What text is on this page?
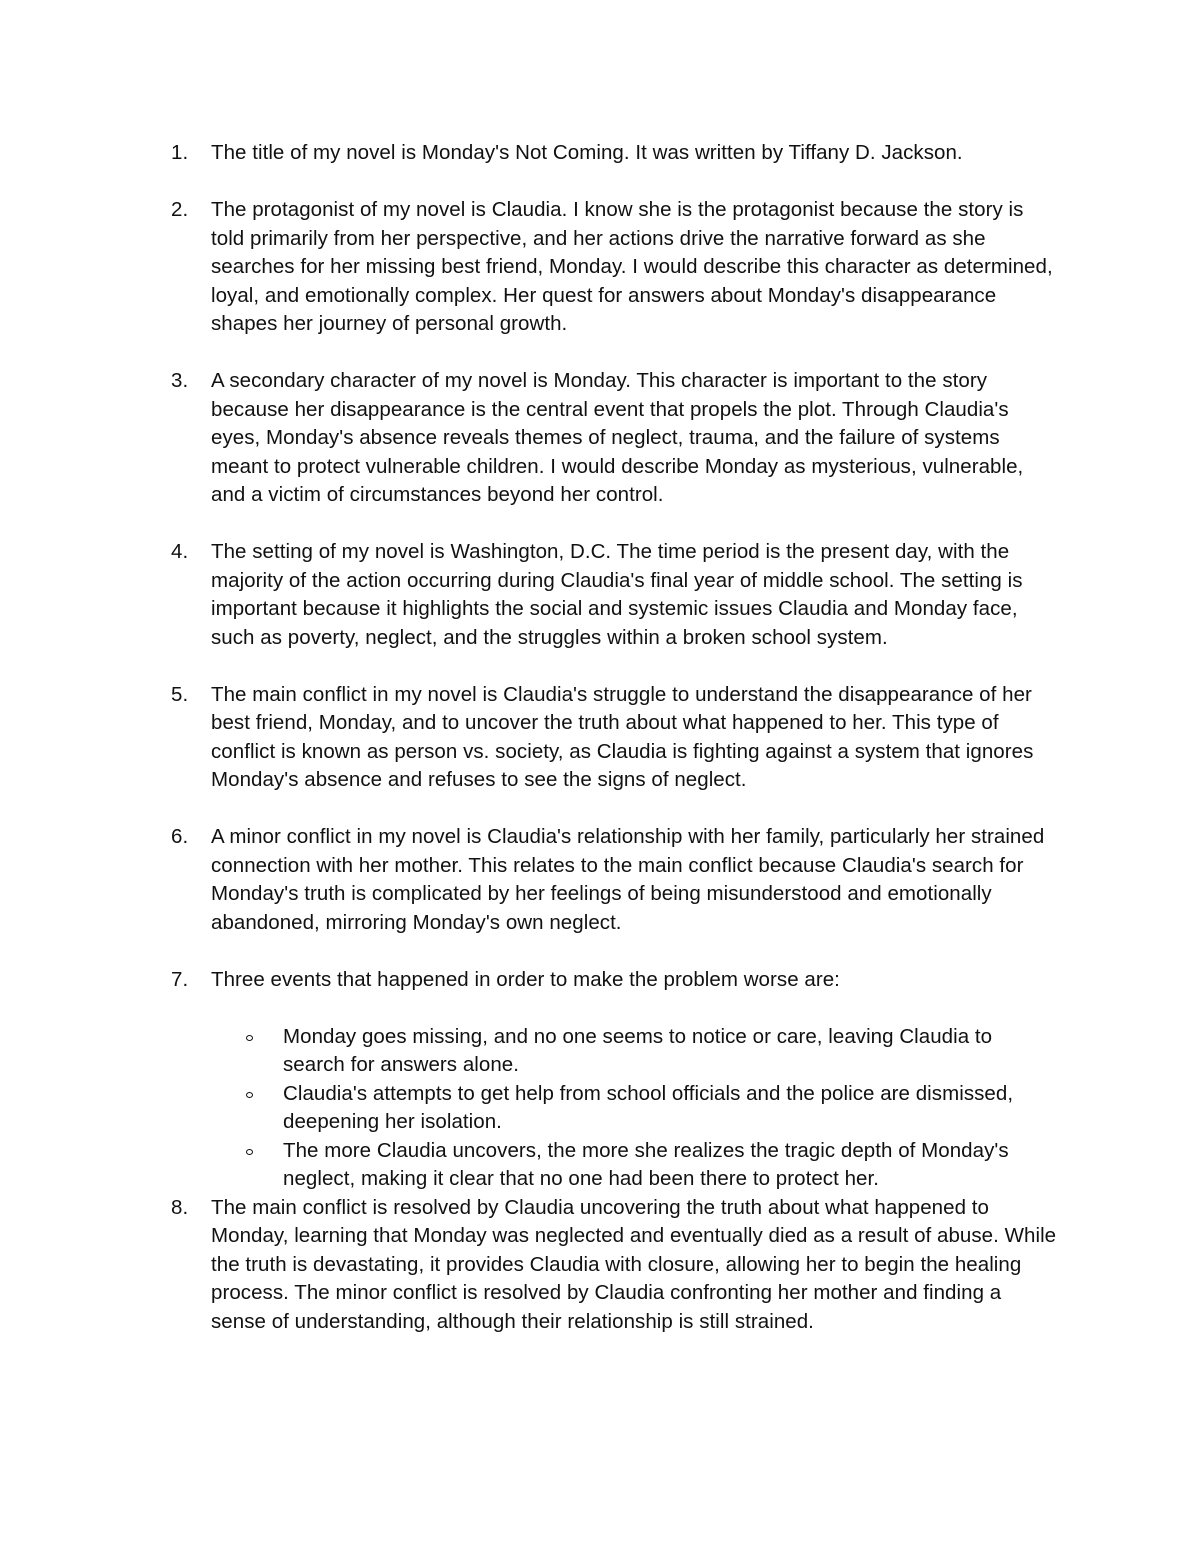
1.	The title of my novel is Monday's Not Coming. It was written by Tiffany D. Jackson.
2.	The protagonist of my novel is Claudia. I know she is the protagonist because the story is told primarily from her perspective, and her actions drive the narrative forward as she searches for her missing best friend, Monday. I would describe this character as determined, loyal, and emotionally complex. Her quest for answers about Monday's disappearance shapes her journey of personal growth.
3.	A secondary character of my novel is Monday. This character is important to the story because her disappearance is the central event that propels the plot. Through Claudia's eyes, Monday's absence reveals themes of neglect, trauma, and the failure of systems meant to protect vulnerable children. I would describe Monday as mysterious, vulnerable, and a victim of circumstances beyond her control.
4.	The setting of my novel is Washington, D.C. The time period is the present day, with the majority of the action occurring during Claudia's final year of middle school. The setting is important because it highlights the social and systemic issues Claudia and Monday face, such as poverty, neglect, and the struggles within a broken school system.
5.	The main conflict in my novel is Claudia's struggle to understand the disappearance of her best friend, Monday, and to uncover the truth about what happened to her. This type of conflict is known as person vs. society, as Claudia is fighting against a system that ignores Monday's absence and refuses to see the signs of neglect.
6.	A minor conflict in my novel is Claudia's relationship with her family, particularly her strained connection with her mother. This relates to the main conflict because Claudia's search for Monday's truth is complicated by her feelings of being misunderstood and emotionally abandoned, mirroring Monday's own neglect.
7.	Three events that happened in order to make the problem worse are:
Monday goes missing, and no one seems to notice or care, leaving Claudia to search for answers alone.
Claudia's attempts to get help from school officials and the police are dismissed, deepening her isolation.
The more Claudia uncovers, the more she realizes the tragic depth of Monday's neglect, making it clear that no one had been there to protect her.
8.	The main conflict is resolved by Claudia uncovering the truth about what happened to Monday, learning that Monday was neglected and eventually died as a result of abuse. While the truth is devastating, it provides Claudia with closure, allowing her to begin the healing process. The minor conflict is resolved by Claudia confronting her mother and finding a sense of understanding, although their relationship is still strained.
